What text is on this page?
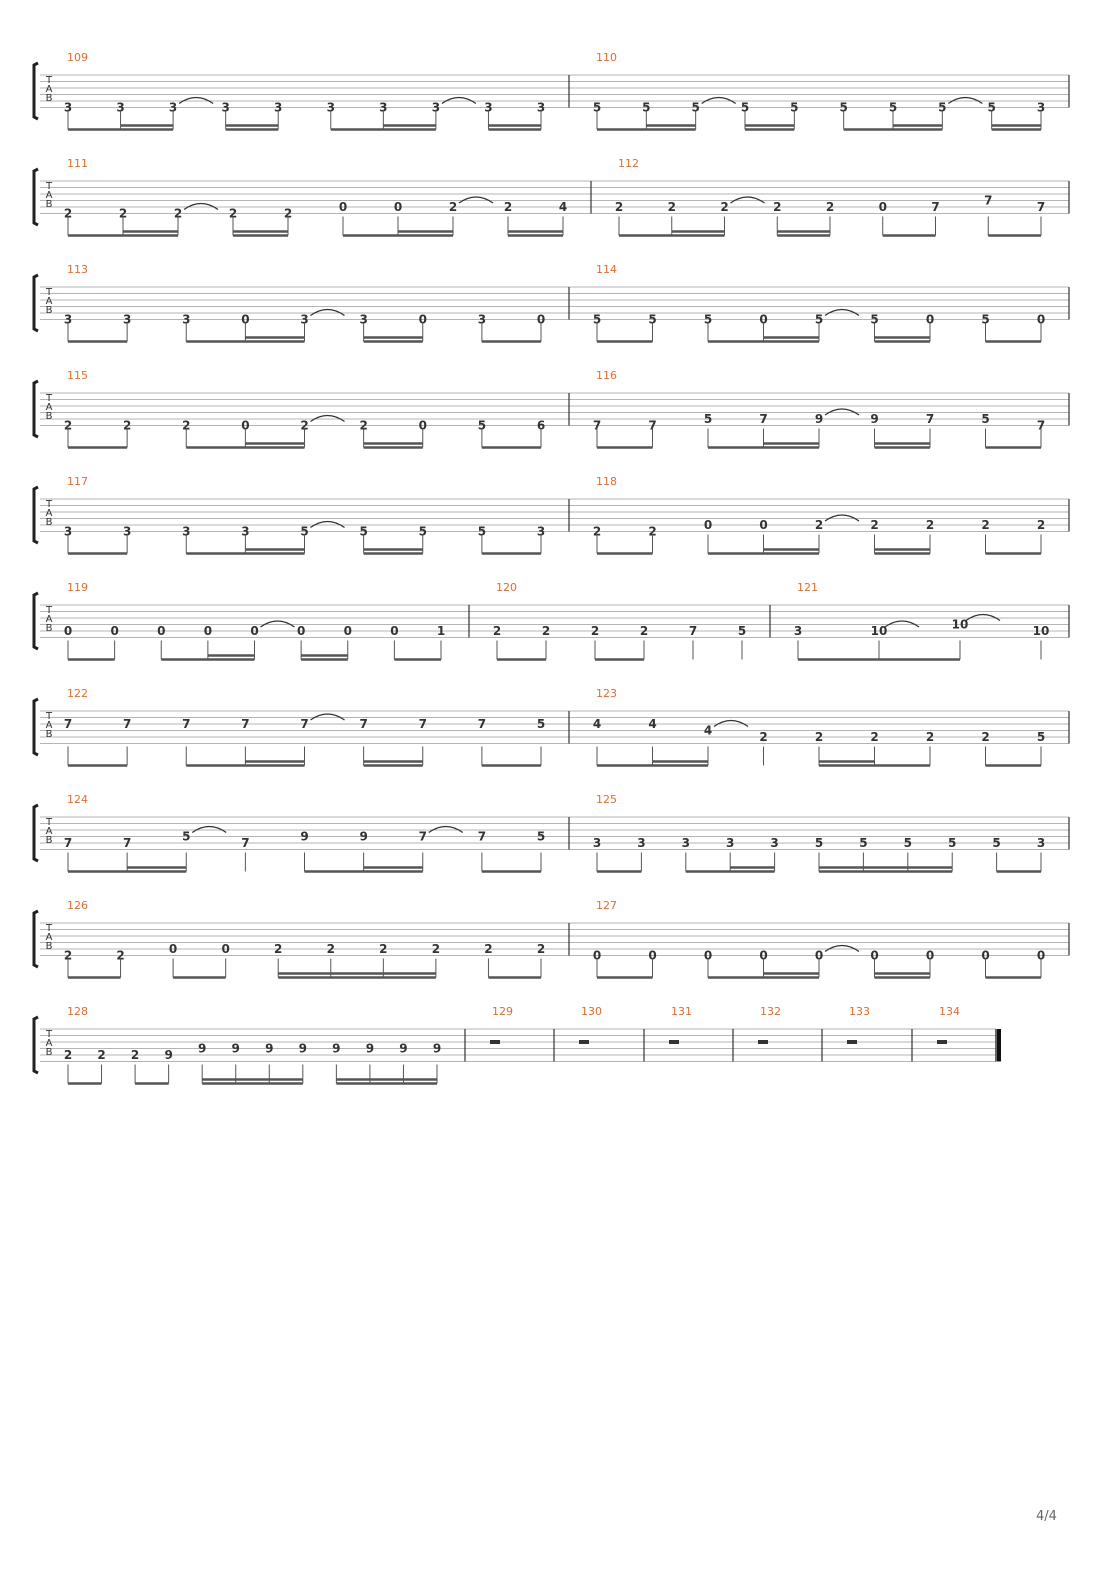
T
A
B
109
3	3	3	3	3	3	3	3	3	3
110
5	5	5	5	5	5	5	5	5	3
T
A
B
111
2	2	2	2	2	0	0	2	2	4
112
2	2	2	2	2	0	7	7	7
T
A
B
113
3	3	3	0	3	3	0	3	0
114
5	5	5	0	5	5	0	5	0
T
A
B
115
2	2	2	0	2	2	0	5	6
116
7	7	5	7	9	9	7	5	7
T
A
B
117
3	3	3	3	5	5	5	5	3
118
2	2	0	0	2	2	2	2	2
T
A
B
119
0	0	0	0	0	0	0	0	1
120
2	2	2	2	7	5
121
3	10	10	10
T
A
B
122
7	7	7	7	7	7	7	7	5
123
4	4	4	2	2	2	2	2	5
T
A
B
124
7	7	5	7	9	9	7	7	5
125
3	3	3	3	3	5	5	5	5	5	3
T
A
B
126
2	2	0	0	2	2	2	2	2	2
127
0	0	0	0	0	0	0	0	0
T
A
B
128
2 2 2 9 9 9 9 9 9 9 9 9
129	130	131	132	133	134
4/4
